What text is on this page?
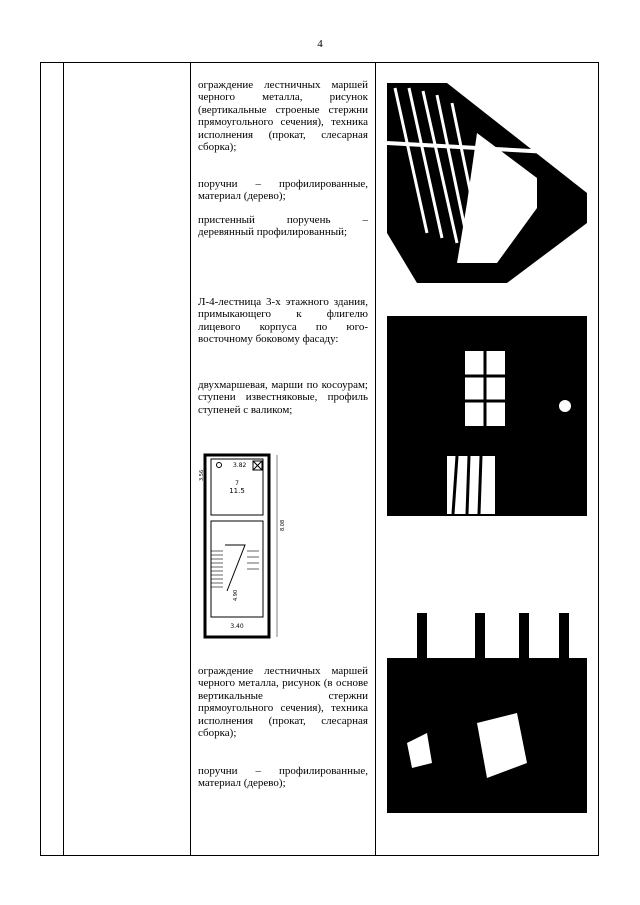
4
ограждение лестничных маршей черного металла, рисунок (вертикальные строеные стержни прямоугольного сечения), техника исполнения (прокат, слесарная сборка);
поручни – профилированные, материал (дерево);
пристенный поручень – деревянный профилированный;
Л-4-лестница 3-х этажного здания, примыкающего к флигелю лицевого корпуса по юго-восточному боковому фасаду:
двухмаршевая, марши по косоурам; ступени известняковые, профиль ступеней с валиком;
ограждение лестничных маршей черного металла, рисунок (в основе вертикальные стержни прямоугольного сечения), техника исполнения (прокат, слесарная сборка);
поручни – профилированные, материал (дерево);
3.82
7
11.5
3.56
8.08
4.90
3.40
